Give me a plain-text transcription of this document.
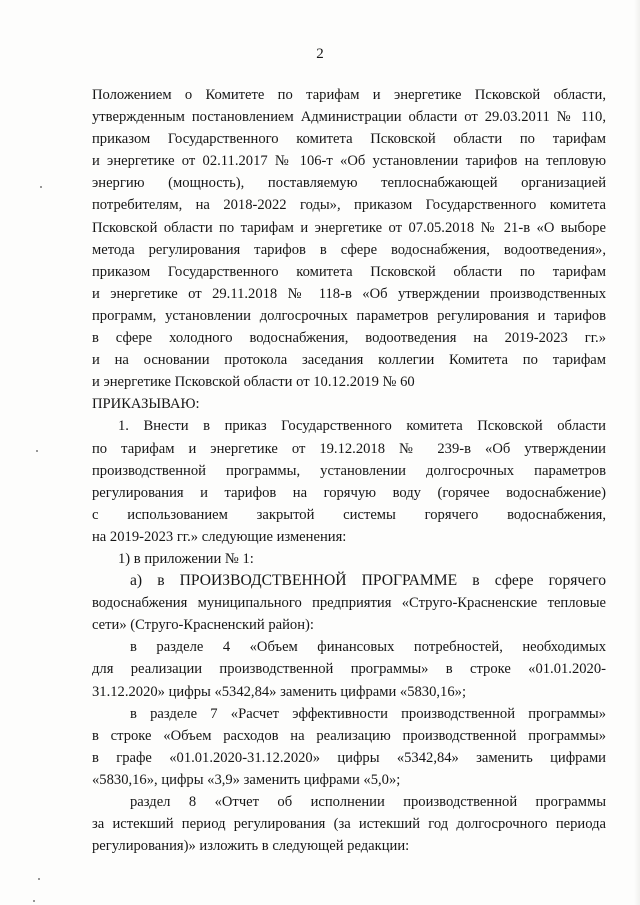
2
Положением о Комитете по тарифам и энергетике Псковской области,
утвержденным постановлением Администрации области от 29.03.2011 № 110,
приказом Государственного комитета Псковской области по тарифам
и энергетике от 02.11.2017 № 106-т «Об установлении тарифов на тепловую
энергию (мощность), поставляемую теплоснабжающей организацией
потребителям, на 2018-2022 годы», приказом Государственного комитета
Псковской области по тарифам и энергетике от 07.05.2018 № 21-в «О выборе
метода регулирования тарифов в сфере водоснабжения, водоотведения»,
приказом Государственного комитета Псковской области по тарифам
и энергетике от 29.11.2018 № 118-в «Об утверждении производственных
программ, установлении долгосрочных параметров регулирования и тарифов
в сфере холодного водоснабжения, водоотведения на 2019-2023 гг.»
и на основании протокола заседания коллегии Комитета по тарифам
и энергетике Псковской области от 10.12.2019 № 60
ПРИКАЗЫВАЮ:
1. Внести в приказ Государственного комитета Псковской области
по тарифам и энергетике от 19.12.2018 № 239-в «Об утверждении
производственной программы, установлении долгосрочных параметров
регулирования и тарифов на горячую воду (горячее водоснабжение)
с использованием закрытой системы горячего водоснабжения,
на 2019-2023 гг.» следующие изменения:
1) в приложении № 1:
а) в ПРОИЗВОДСТВЕННОЙ ПРОГРАММЕ в сфере горячего
водоснабжения муниципального предприятия «Струго-Красненские тепловые
сети» (Струго-Красненский район):
в разделе 4 «Объем финансовых потребностей, необходимых
для реализации производственной программы» в строке «01.01.2020-
31.12.2020» цифры «5342,84» заменить цифрами «5830,16»;
в разделе 7 «Расчет эффективности производственной программы»
в строке «Объем расходов на реализацию производственной программы»
в графе «01.01.2020-31.12.2020» цифры «5342,84» заменить цифрами
«5830,16», цифры «3,9» заменить цифрами «5,0»;
раздел 8 «Отчет об исполнении производственной программы
за истекший период регулирования (за истекший год долгосрочного периода
регулирования)» изложить в следующей редакции:
